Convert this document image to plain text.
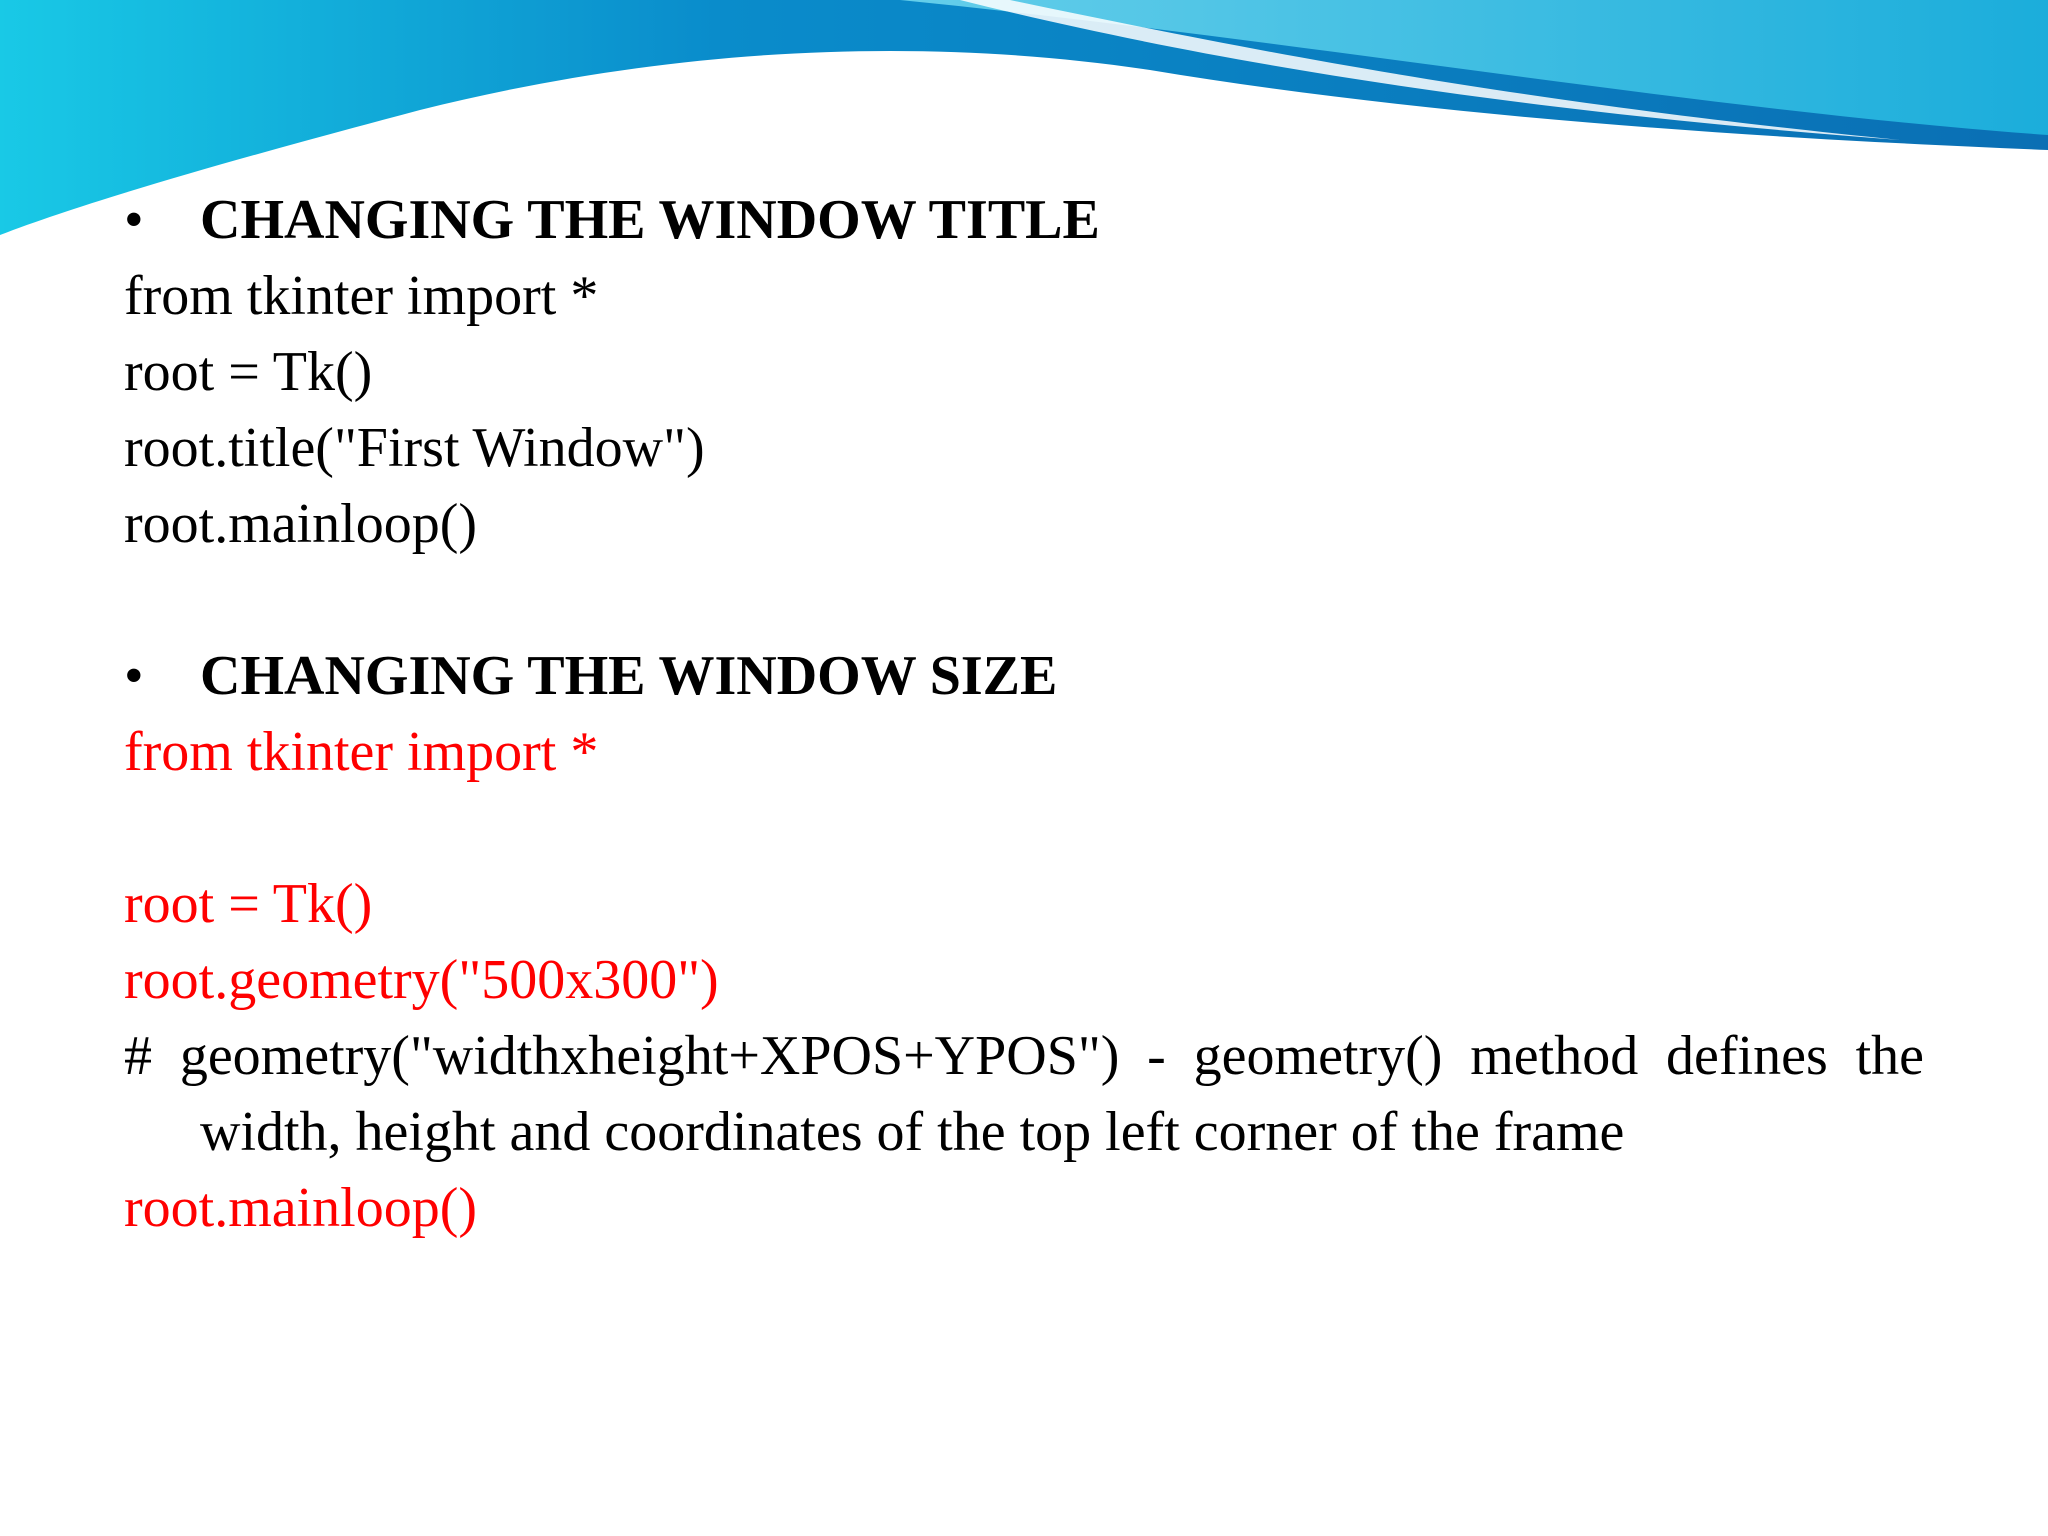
• CHANGING THE WINDOW TITLE
from tkinter import *
root = Tk()
root.title("First Window")
root.mainloop()
• CHANGING THE WINDOW SIZE
from tkinter import *
root = Tk()
root.geometry("500x300")
# geometry("widthxheight+XPOS+YPOS") - geometry() method defines the
width, height and coordinates of the top left corner of the frame
root.mainloop()
